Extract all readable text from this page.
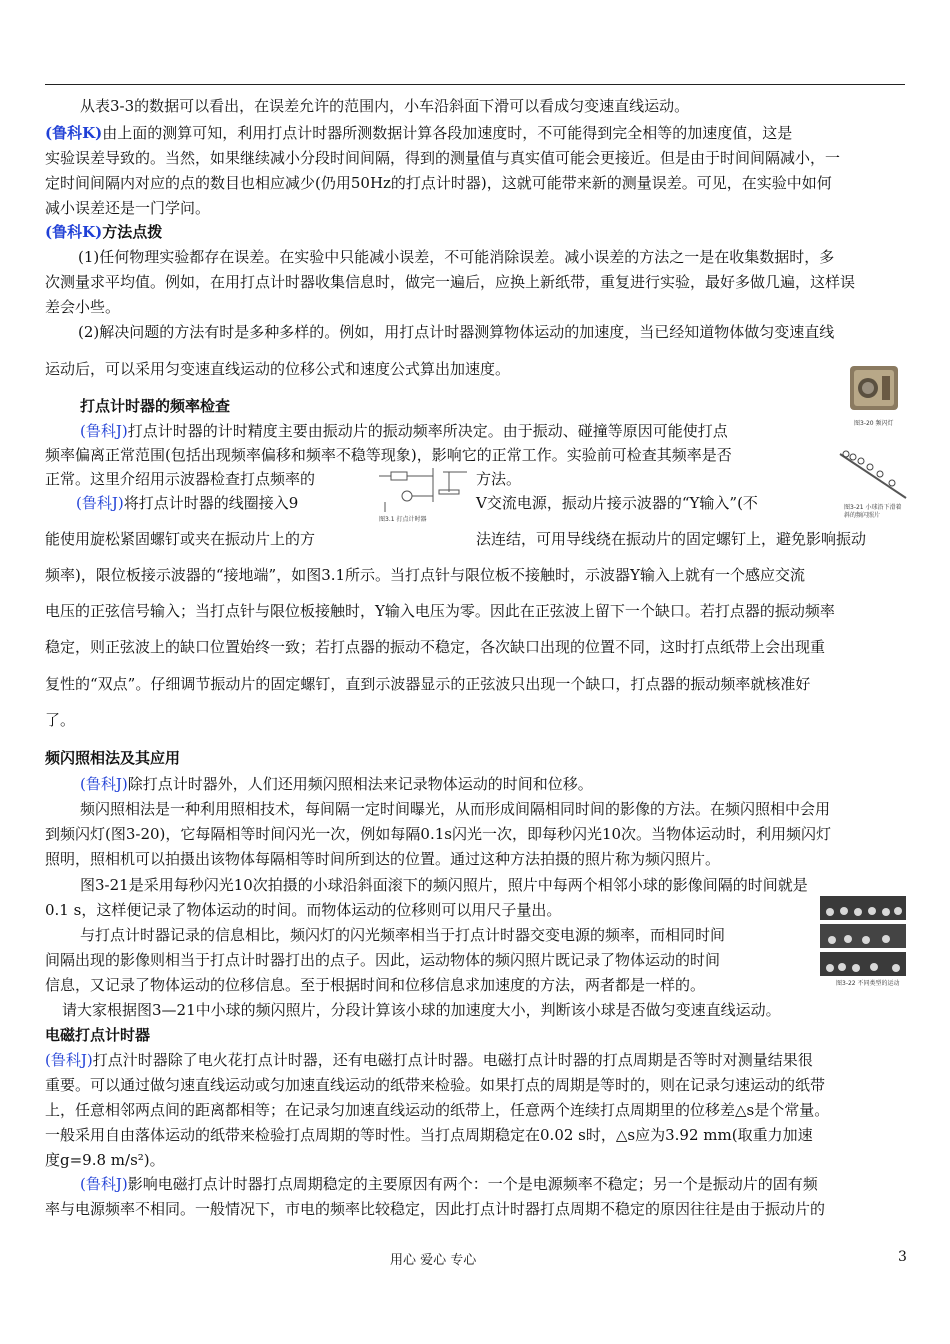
从表3-3的数据可以看出，在误差允许的范围内，小车沿斜面下滑可以看成匀变速直线运动。
(鲁科K)由上面的测算可知，利用打点计时器所测数据计算各段加速度时，不可能得到完全相等的加速度值，这是
实验误差导致的。当然，如果继续减小分段时间间隔，得到的测量值与真实值可能会更接近。但是由于时间间隔减小，一
定时间间隔内对应的点的数目也相应减少(仍用50Hz的打点计时器)，这就可能带来新的测量误差。可见，在实验中如何
减小误差还是一门学问。
(鲁科K)方法点拨
(1)任何物理实验都存在误差。在实验中只能减小误差，不可能消除误差。减小误差的方法之一是在收集数据时，多
次测量求平均值。例如，在用打点计时器收集信息时，做完一遍后，应换上新纸带，重复进行实验，最好多做几遍，这样误
差会小些。
(2)解决问题的方法有时是多种多样的。例如，用打点计时器测算物体运动的加速度，当已经知道物体做匀变速直线
运动后，可以采用匀变速直线运动的位移公式和速度公式算出加速度。
打点计时器的频率检查
(鲁科J)打点计时器的计时精度主要由振动片的振动频率所决定。由于振动、碰撞等原因可能使打点
频率偏离正常范围(包括出现频率偏移和频率不稳等现象)，影响它的正常工作。实验前可检查其频率是否
正常。这里介绍用示波器检查打点频率的	方法。
(鲁科J)将打点计时器的线圈接入9	V交流电源，振动片接示波器的“Y输入”(不
能使用旋松紧固螺钉或夹在振动片上的方	法连结，可用导线绕在振动片的固定螺钉上，避免影响振动
频率)，限位板接示波器的“接地端”，如图3.1所示。当打点针与限位板不接触时，示波器Y输入上就有一个感应交流
电压的正弦信号输入；当打点针与限位板接触时，Y输入电压为零。因此在正弦波上留下一个缺口。若打点器的振动频率
稳定，则正弦波上的缺口位置始终一致；若打点器的振动不稳定，各次缺口出现的位置不同，这时打点纸带上会出现重
复性的“双点”。仔细调节振动片的固定螺钉，直到示波器显示的正弦波只出现一个缺口，打点器的振动频率就核准好
了。
频闪照相法及其应用
(鲁科J)除打点计时器外，人们还用频闪照相法来记录物体运动的时间和位移。
频闪照相法是一种利用照相技术，每间隔一定时间曝光，从而形成间隔相同时间的影像的方法。在频闪照相中会用
到频闪灯(图3-20)，它每隔相等时间闪光一次，例如每隔0.1s闪光一次，即每秒闪光10次。当物体运动时，利用频闪灯
照明，照相机可以拍摄出该物体每隔相等时间所到达的位置。通过这种方法拍摄的照片称为频闪照片。
图3-21是采用每秒闪光10次拍摄的小球沿斜面滚下的频闪照片，照片中每两个相邻小球的影像间隔的时间就是
0.1 s，这样便记录了物体运动的时间。而物体运动的位移则可以用尺子量出。
与打点计时器记录的信息相比，频闪灯的闪光频率相当于打点计时器交变电源的频率，而相同时间
间隔出现的影像则相当于打点计时器打出的点子。因此，运动物体的频闪照片既记录了物体运动的时间
信息，又记录了物体运动的位移信息。至于根据时间和位移信息求加速度的方法，两者都是一样的。
请大家根据图3—21中小球的频闪照片，分段计算该小球的加速度大小，判断该小球是否做匀变速直线运动。
电磁打点计时器
(鲁科J)打点汁时器除了电火花打点计时器，还有电磁打点计时器。电磁打点计时器的打点周期是否等时对测量结果很
重要。可以通过做匀速直线运动或匀加速直线运动的纸带来检验。如果打点的周期是等时的，则在记录匀速运动的纸带
上，任意相邻两点间的距离都相等；在记录匀加速直线运动的纸带上，任意两个连续打点周期里的位移差△s是个常量。
一般采用自由落体运动的纸带来检验打点周期的等时性。当打点周期稳定在0.02 s时，△s应为3.92 mm(取重力加速
度g=9.8 m/s²)。
(鲁科J)影响电磁打点计时器打点周期稳定的主要原因有两个：一个是电源频率不稳定；另一个是振动片的固有频
率与电源频率不相同。一般情况下，市电的频率比较稳定，因此打点计时器打点周期不稳定的原因往往是由于振动片的
图3-20 频闪灯
图3-21 小球沿下滑着斜的频闪照片
图3.1 打点计时器
图3-22 不同类型的运动
用心 爱心 专心	3
